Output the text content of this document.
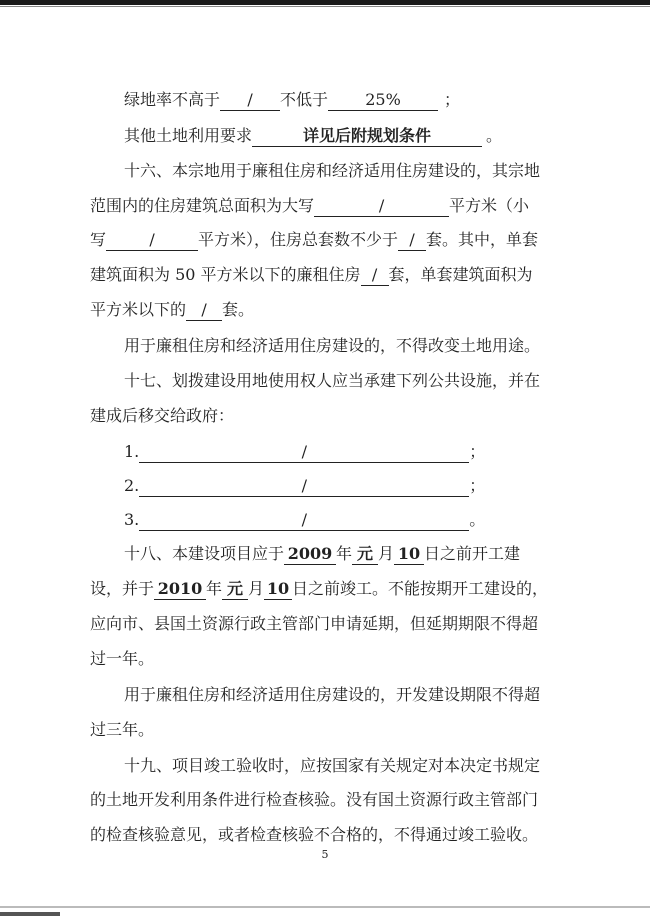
绿地率不高于 / 不低于 25%	；
其他土地利用要求	详见后附规划条件	。
十六、本宗地用于廉租住房和经济适用住房建设的，其宗地
范围内的住房建筑总面积为大写	/	平方米（小
写	/	平方米），住房总套数不少于 / 套。其中，单套
建筑面积为 50 平方米以下的廉租住房 / 套，单套建筑面积为
平方米以下的 / 套。
用于廉租住房和经济适用住房建设的，不得改变土地用途。
十七、划拨建设用地使用权人应当承建下列公共设施，并在
建成后移交给政府：
1.	/	；
2.	/	；
3.	/	。
十八、本建设项目应于 2009 年 元 月 10 日之前开工建
设，并于 2010 年 元 月 10 日之前竣工。不能按期开工建设的，
应向市、县国土资源行政主管部门申请延期，但延期期限不得超
过一年。
用于廉租住房和经济适用住房建设的，开发建设期限不得超
过三年。
十九、项目竣工验收时，应按国家有关规定对本决定书规定
的土地开发利用条件进行检查核验。没有国土资源行政主管部门
的检查核验意见，或者检查核验不合格的，不得通过竣工验收。
5
